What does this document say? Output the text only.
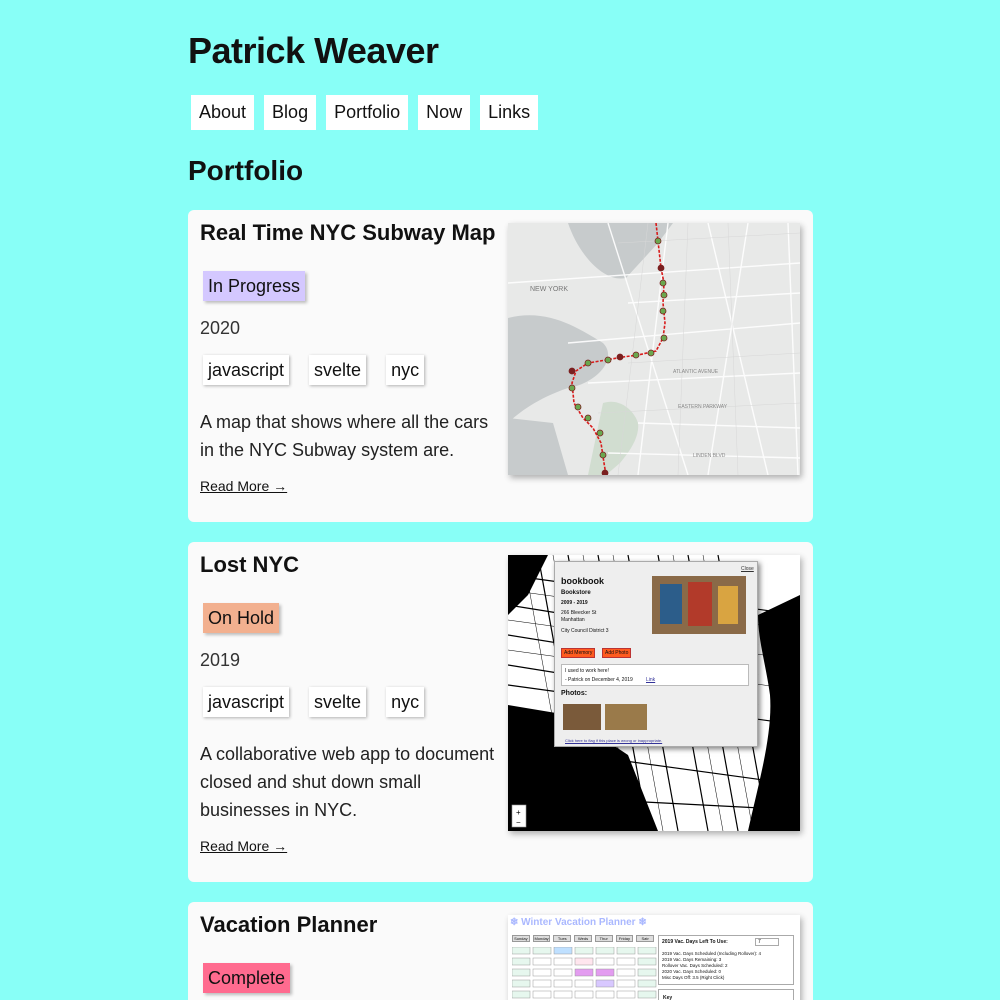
Patrick Weaver
About	Blog	Portfolio	Now	Links
Portfolio
Real Time NYC Subway Map
In Progress
2020
javascript svelte nyc

A map that shows where all the cars in the NYC Subway system are.

Read More →
NEW YORK
ATLANTIC AVENUE
EASTERN PARKWAY
LINDEN BLVD
Lost NYC
On Hold
2019
javascript svelte nyc

A collaborative web app to document closed and shut down small businesses in NYC.

Read More →
+
−
Close
bookbook
Bookstore
2009 - 2019
266 Bleecker St
Manhattan
City Council District 3
Add Memory	Add Photo
I used to work here!
- Patrick on December 4, 2019	Link
Photos:
Click here to flag if this place is wrong or inappropriate.
Vacation Planner
Complete
❄ Winter Vacation Planner ❄
Sunday	Monday	Tues	Weds	Thur	Friday	Satr
2019 Vac. Days Left To Use:	7
2019 Vac. Days Scheduled (Including Rollover): 4
2019 Vac. Days Remaining: 3
Rollover Vac. Days Scheduled: 2
2020 Vac. Days Scheduled: 0
Misc Days Off: 3.5 (Right Click)
Key
